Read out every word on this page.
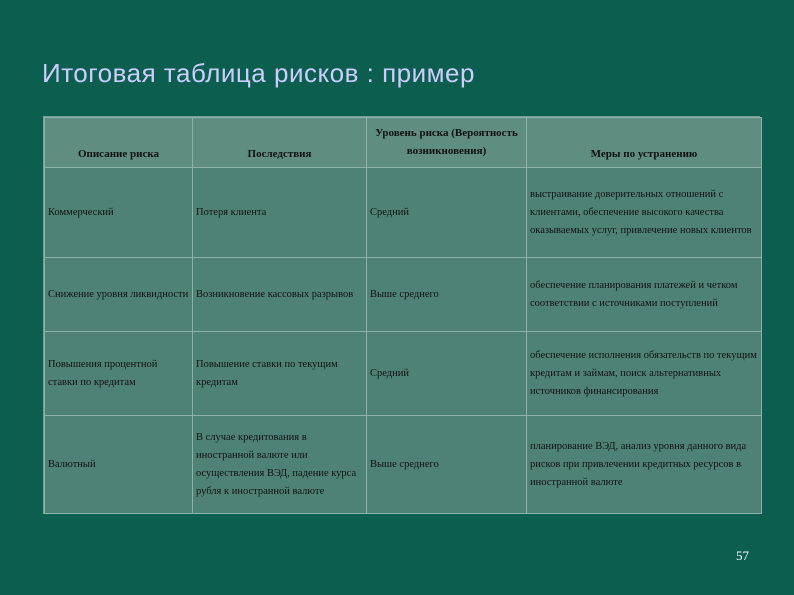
Итоговая таблица рисков : пример
Описание риска	Последствия	Уровень риска (Вероятность возникновения)	Меры по устранению
Коммерческий	Потеря клиента	Средний	выстраивание доверительных отношений с клиентами, обеспечение высокого качества оказываемых услуг, привлечение новых клиентов
Снижение уровня ликвидности	Возникновение кассовых разрывов	Выше среднего	обеспечение планирования платежей и четком соответствии с источниками поступлений
Повышения процентной ставки по кредитам	Повышение ставки по текущим кредитам	Средний	обеспечение исполнения обязательств по текущим кредитам и займам, поиск альтернативных источников финансирования
Валютный	В случае кредитования в иностранной валюте или осуществления ВЭД, падение курса рубля к иностранной валюте	Выше среднего	планирование ВЭД, анализ уровня данного вида рисков при привлечении кредитных ресурсов в иностранной валюте
57
